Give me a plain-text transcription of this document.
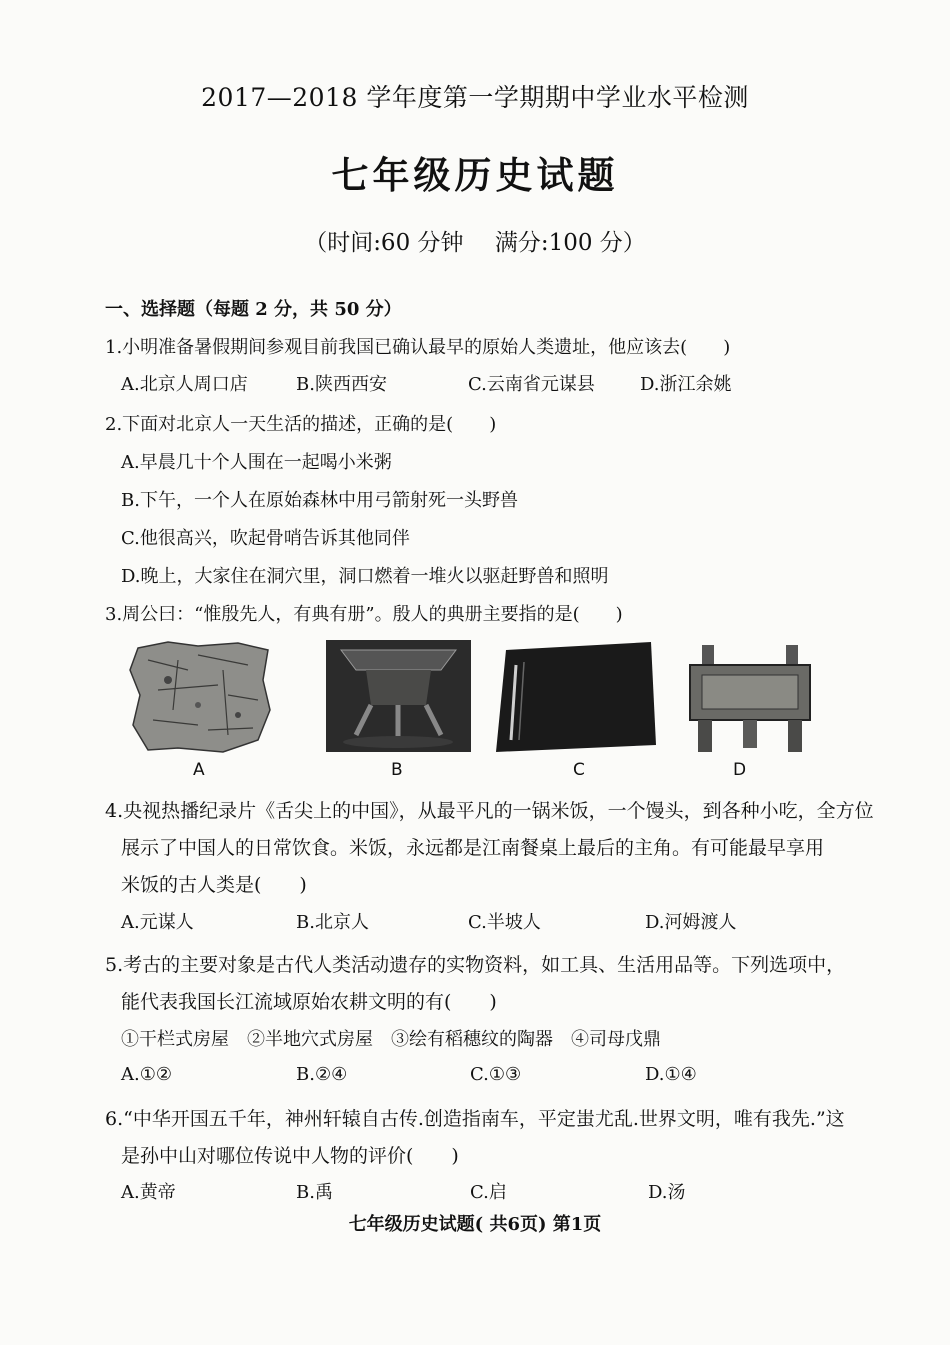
2017—2018 学年度第一学期期中学业水平检测
七年级历史试题
（时间:60 分钟 满分:100 分）
一、选择题（每题 2 分，共 50 分）
1.小明准备暑假期间参观目前我国已确认最早的原始人类遗址，他应该去(　　)
A.北京人周口店	B.陕西西安	C.云南省元谋县	D.浙江余姚
2.下面对北京人一天生活的描述，正确的是(　　)
A.早晨几十个人围在一起喝小米粥
B.下午，一个人在原始森林中用弓箭射死一头野兽
C.他很高兴，吹起骨哨告诉其他同伴
D.晚上，大家住在洞穴里，洞口燃着一堆火以驱赶野兽和照明
3.周公曰：“惟殷先人，有典有册”。殷人的典册主要指的是(　　)
A	B	C	D
4.央视热播纪录片《舌尖上的中国》，从最平凡的一锅米饭，一个馒头，到各种小吃，全方位
展示了中国人的日常饮食。米饭，永远都是江南餐桌上最后的主角。有可能最早享用
米饭的古人类是(　　)
A.元谋人	B.北京人	C.半坡人	D.河姆渡人
5.考古的主要对象是古代人类活动遗存的实物资料，如工具、生活用品等。下列选项中，
能代表我国长江流域原始农耕文明的有(　　)
①干栏式房屋　②半地穴式房屋　③绘有稻穗纹的陶器　④司母戊鼎
A.①②	B.②④	C.①③	D.①④
6.“中华开国五千年，神州轩辕自古传.创造指南车，平定蚩尤乱.世界文明，唯有我先.”这
是孙中山对哪位传说中人物的评价(　　)
A.黄帝	B.禹	C.启	D.汤
七年级历史试题( 共6页) 第1页
